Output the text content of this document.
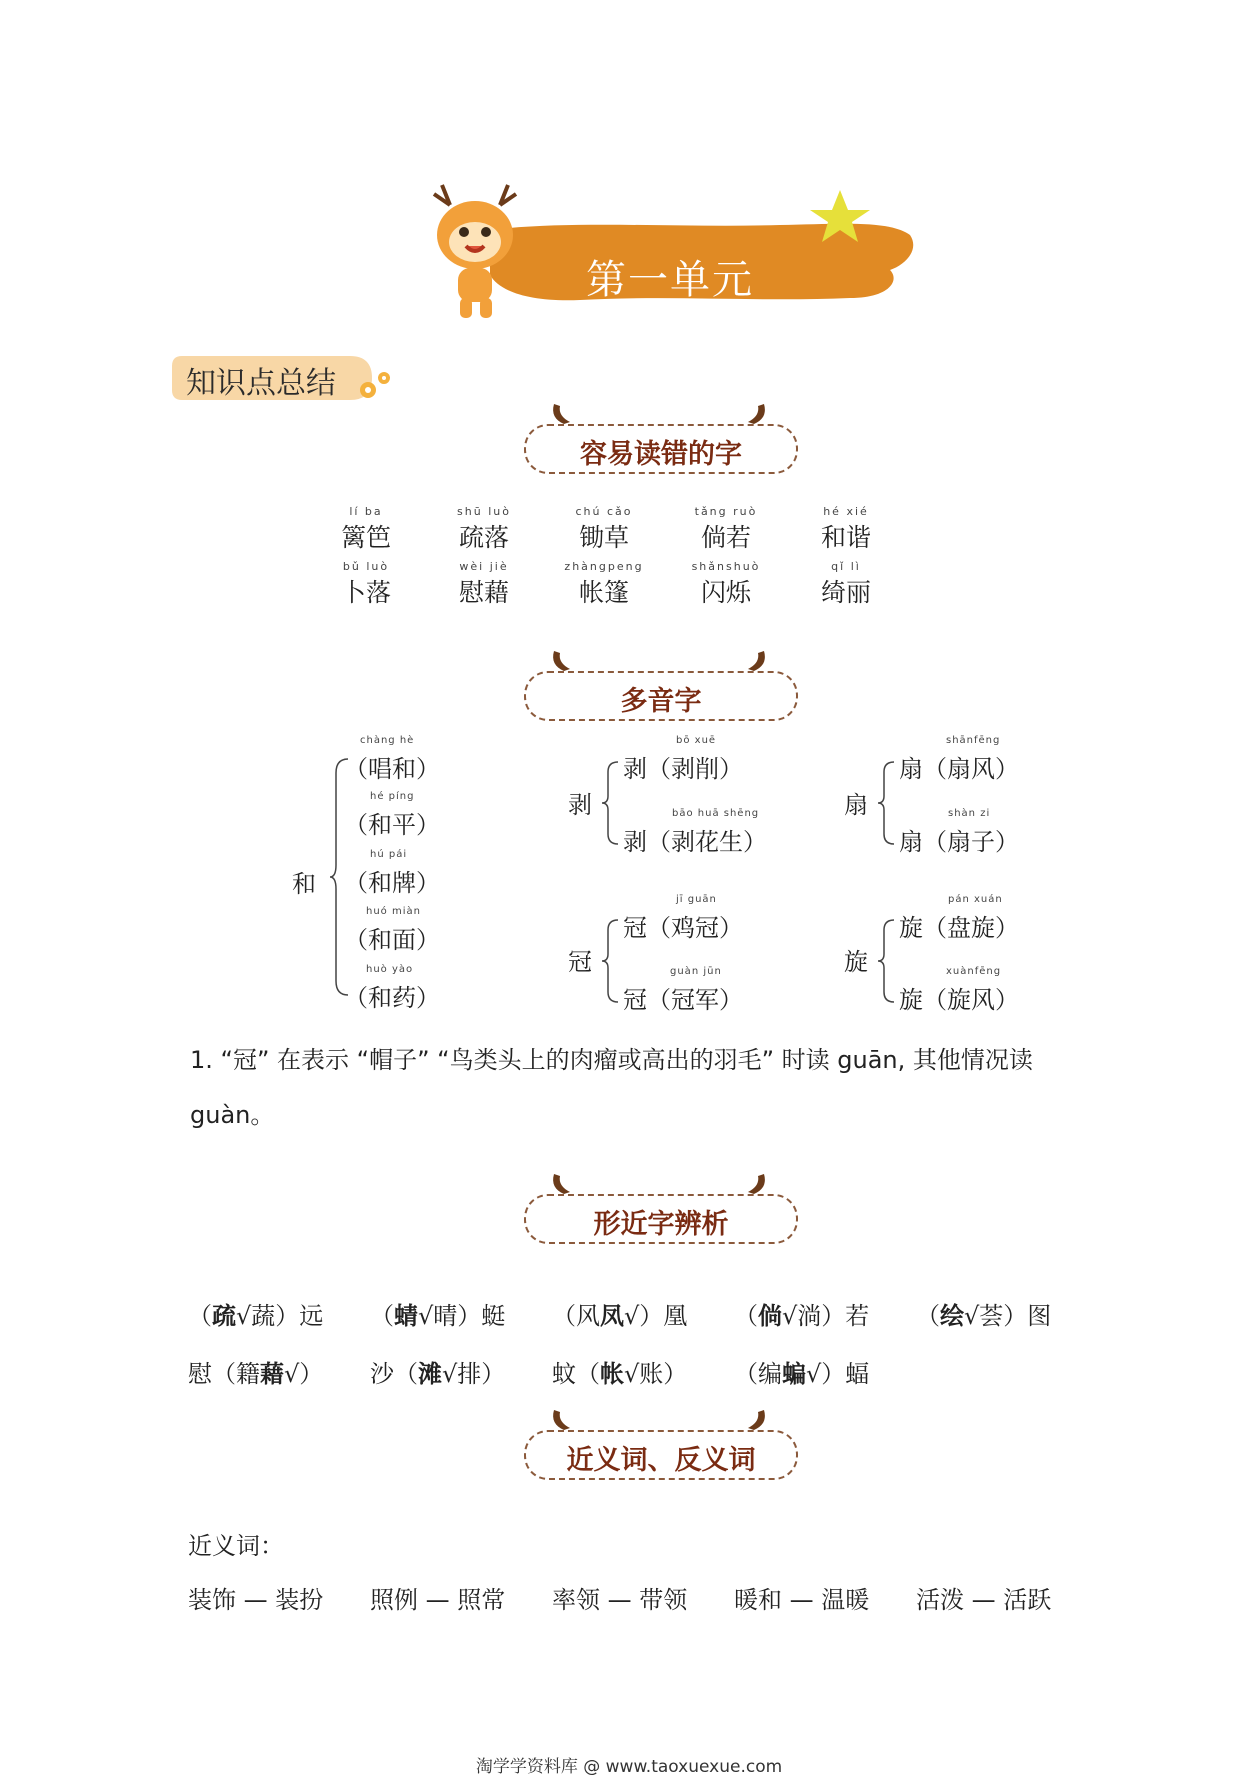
第一单元
知识点总结
容易读错的字
lí ba
篱笆
shū luò
疏落
chú cǎo
锄草
tǎng ruò
倘若
hé xié
和谐
bǔ luò
卜落
wèi jiè
慰藉
zhàngpeng
帐篷
shǎnshuò
闪烁
qǐ lì
绮丽
多音字
和
chàng hè
（唱和）
hé píng
（和平）
hú pái
（和牌）
huó miàn
（和面）
huò yào
（和药）
剥
bō xuē
剥（剥削）
bāo huā shēng
剥（剥花生）
扇
shānfēng
扇（扇风）
shàn zi
扇（扇子）
冠
jī guān
冠（鸡冠）
guàn jūn
冠（冠军）
旋
pán xuán
旋（盘旋）
xuànfēng
旋（旋风）
1. “冠” 在表示 “帽子” “鸟类头上的肉瘤或高出的羽毛” 时读 guān, 其他情况读
guàn。
形近字辨析
（疏√蔬）远 （蜻√晴）蜓 （风凤√）凰 （倘√淌）若 （绘√荟）图
慰（籍藉√） 沙（滩√排） 蚊（帐√账） （编蝙√）蝠
近义词、反义词
近义词：
装饰 — 装扮 照例 — 照常 率领 — 带领 暖和 — 温暖 活泼 — 活跃
淘学学资料库 @ www.taoxuexue.com
